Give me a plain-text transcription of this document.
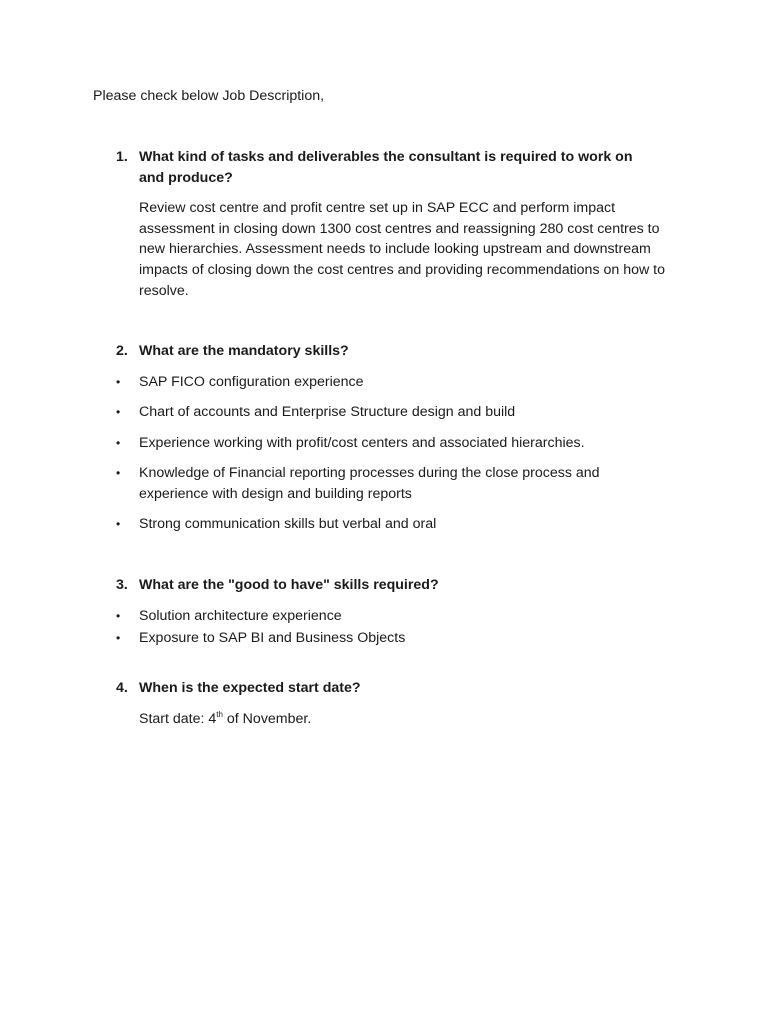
Please check below Job Description,
1. What kind of tasks and deliverables the consultant is required to work on and produce?
Review cost centre and profit centre set up in SAP ECC and perform impact assessment in closing down 1300 cost centres and reassigning 280 cost centres to new hierarchies. Assessment needs to include looking upstream and downstream impacts of closing down the cost centres and providing recommendations on how to resolve.
2. What are the mandatory skills?
• SAP FICO configuration experience
• Chart of accounts and Enterprise Structure design and build
• Experience working with profit/cost centers and associated hierarchies.
• Knowledge of Financial reporting processes during the close process and experience with design and building reports
• Strong communication skills but verbal and oral
3. What are the "good to have" skills required?
• Solution architecture experience
• Exposure to SAP BI and Business Objects
4. When is the expected start date?
Start date: 4th of November.
